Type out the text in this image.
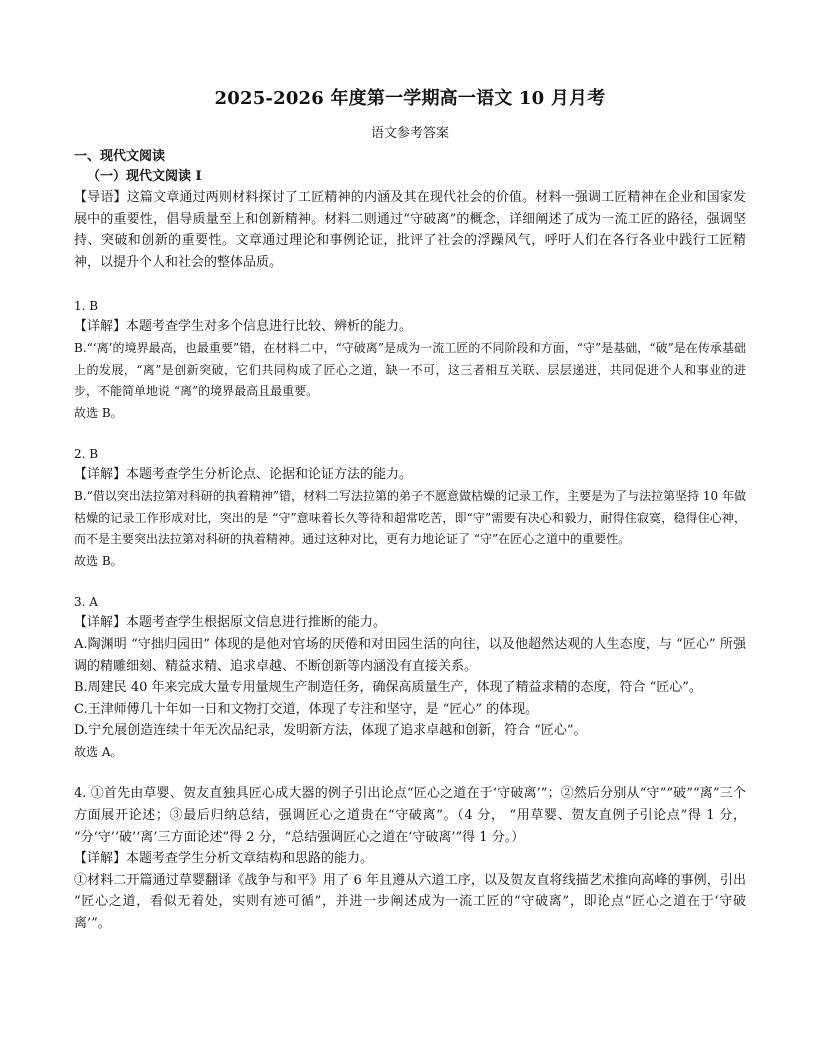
2025-2026 年度第一学期高一语文 10 月月考
语文参考答案
一、现代文阅读
（一）现代文阅读 I

【导语】这篇文章通过两则材料探讨了工匠精神的内涵及其在现代社会的价值。材料一强调工匠精神在企业和国家发展中的重要性，倡导质量至上和创新精神。材料二则通过“守破离”的概念，详细阐述了成为一流工匠的路径，强调坚持、突破和创新的重要性。文章通过理论和事例论证，批评了社会的浮躁风气，呼吁人们在各行各业中践行工匠精神，以提升个人和社会的整体品质。

1. B

【详解】本题考查学生对多个信息进行比较、辨析的能力。

B.“‘离’的境界最高，也最重要”错，在材料二中，“守破离”是成为一流工匠的不同阶段和方面，“守”是基础，“破”是在传承基础上的发展，“离”是创新突破，它们共同构成了匠心之道，缺一不可，这三者相互关联、层层递进，共同促进个人和事业的进步，不能简单地说 “离”的境界最高且最重要。

故选 B。

2. B

【详解】本题考查学生分析论点、论据和论证方法的能力。

B.“借以突出法拉第对科研的执着精神”错，材料二写法拉第的弟子不愿意做枯燥的记录工作，主要是为了与法拉第坚持 10 年做枯燥的记录工作形成对比，突出的是 “守”意味着长久等待和超常吃苦，即“守”需要有决心和毅力，耐得住寂寞，稳得住心神，而不是主要突出法拉第对科研的执着精神。通过这种对比，更有力地论证了 “守”在匠心之道中的重要性。

故选 B。

3. A

【详解】本题考查学生根据原文信息进行推断的能力。

A.陶渊明 “守拙归园田” 体现的是他对官场的厌倦和对田园生活的向往，以及他超然达观的人生态度，与 “匠心” 所强调的精雕细刻、精益求精、追求卓越、不断创新等内涵没有直接关系。

B.周建民 40 年来完成大量专用量规生产制造任务，确保高质量生产，体现了精益求精的态度，符合 “匠心”。

C.王津师傅几十年如一日和文物打交道，体现了专注和坚守，是 “匠心” 的体现。

D.宁允展创造连续十年无次品纪录，发明新方法，体现了追求卓越和创新，符合 “匠心”。

故选 A。

4. ①首先由草婴、贺友直独具匠心成大器的例子引出论点“匠心之道在于‘守破离’”；②然后分别从“守”“破”“离”三个方面展开论述；③最后归纳总结，强调匠心之道贵在“守破离”。（4 分， “用草婴、贺友直例子引论点”得 1 分， “分‘守’‘破’‘离’三方面论述”得 2 分，“总结强调匠心之道在‘守破离’”得 1 分。）

【详解】本题考查学生分析文章结构和思路的能力。

①材料二开篇通过草婴翻译《战争与和平》用了 6 年且遵从六道工序，以及贺友直将线描艺术推向高峰的事例，引出 “匠心之道，看似无着处，实则有迹可循”，并进一步阐述成为一流工匠的“守破离”，即论点“匠心之道在于‘守破离’”。
